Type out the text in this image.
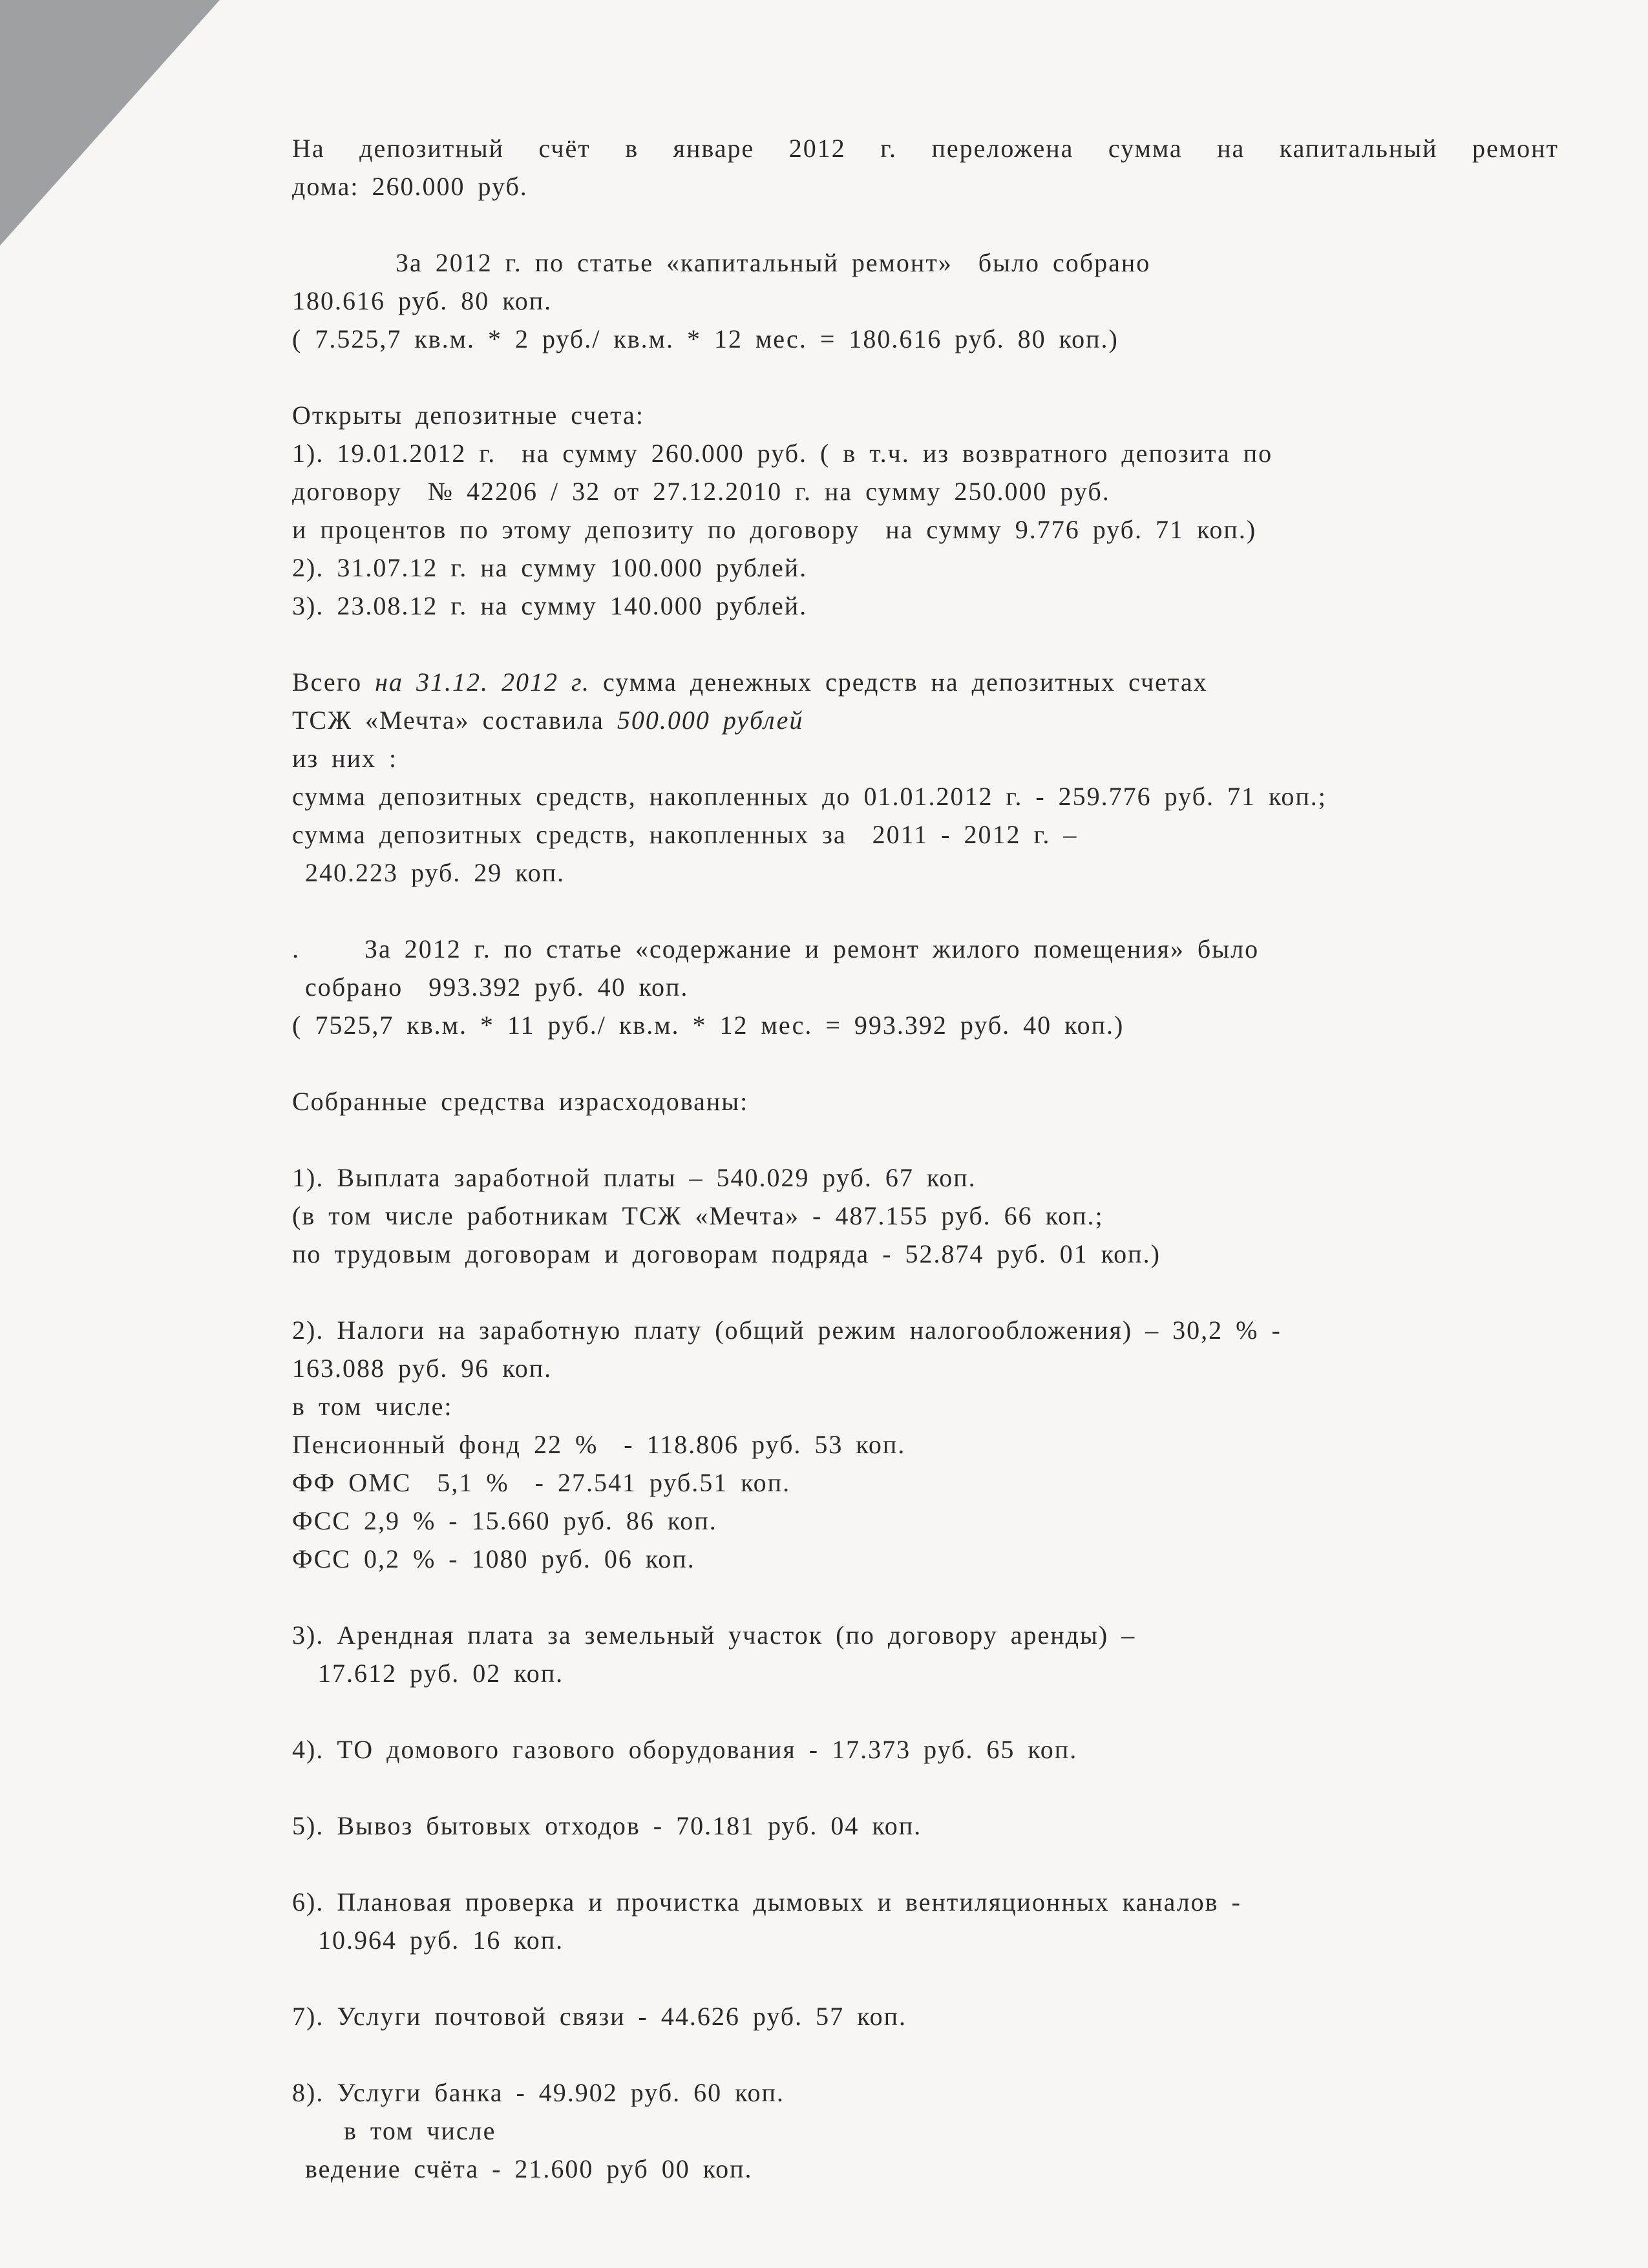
На депозитный счёт в январе 2012 г. переложена сумма на капитальный ремонт

дома: 260.000 руб.

За 2012 г. по статье «капитальный ремонт»  было собрано

180.616 руб. 80 коп.

( 7.525,7 кв.м. * 2 руб./ кв.м. * 12 мес. = 180.616 руб. 80 коп.)

Открыты депозитные счета:

1). 19.01.2012 г.  на сумму 260.000 руб. ( в т.ч. из возвратного депозита по

договору  № 42206 / 32 от 27.12.2010 г. на сумму 250.000 руб.

и процентов по этому депозиту по договору  на сумму 9.776 руб. 71 коп.)

2). 31.07.12 г. на сумму 100.000 рублей.

3). 23.08.12 г. на сумму 140.000 рублей.

Всего на 31.12. 2012 г. сумма денежных средств на депозитных счетах

ТСЖ «Мечта» составила 500.000 рублей

из них :

сумма депозитных средств, накопленных до 01.01.2012 г. - 259.776 руб. 71 коп.;

сумма депозитных средств, накопленных за  2011 - 2012 г. –

240.223 руб. 29 коп.

.     За 2012 г. по статье «содержание и ремонт жилого помещения» было

собрано  993.392 руб. 40 коп.

( 7525,7 кв.м. * 11 руб./ кв.м. * 12 мес. = 993.392 руб. 40 коп.)

Собранные средства израсходованы:

1). Выплата заработной платы – 540.029 руб. 67 коп.

(в том числе работникам ТСЖ «Мечта» - 487.155 руб. 66 коп.;

по трудовым договорам и договорам подряда - 52.874 руб. 01 коп.)

2). Налоги на заработную плату (общий режим налогообложения) – 30,2 % -

163.088 руб. 96 коп.

в том числе:

Пенсионный фонд 22 %  - 118.806 руб. 53 коп.

ФФ ОМС  5,1 %  - 27.541 руб.51 коп.

ФСС 2,9 % - 15.660 руб. 86 коп.

ФСС 0,2 % - 1080 руб. 06 коп.

3). Арендная плата за земельный участок (по договору аренды) –

17.612 руб. 02 коп.

4). ТО домового газового оборудования - 17.373 руб. 65 коп.

5). Вывоз бытовых отходов - 70.181 руб. 04 коп.

6). Плановая проверка и прочистка дымовых и вентиляционных каналов -

10.964 руб. 16 коп.

7). Услуги почтовой связи - 44.626 руб. 57 коп.

8). Услуги банка - 49.902 руб. 60 коп.

в том числе

ведение счёта - 21.600 руб 00 коп.
